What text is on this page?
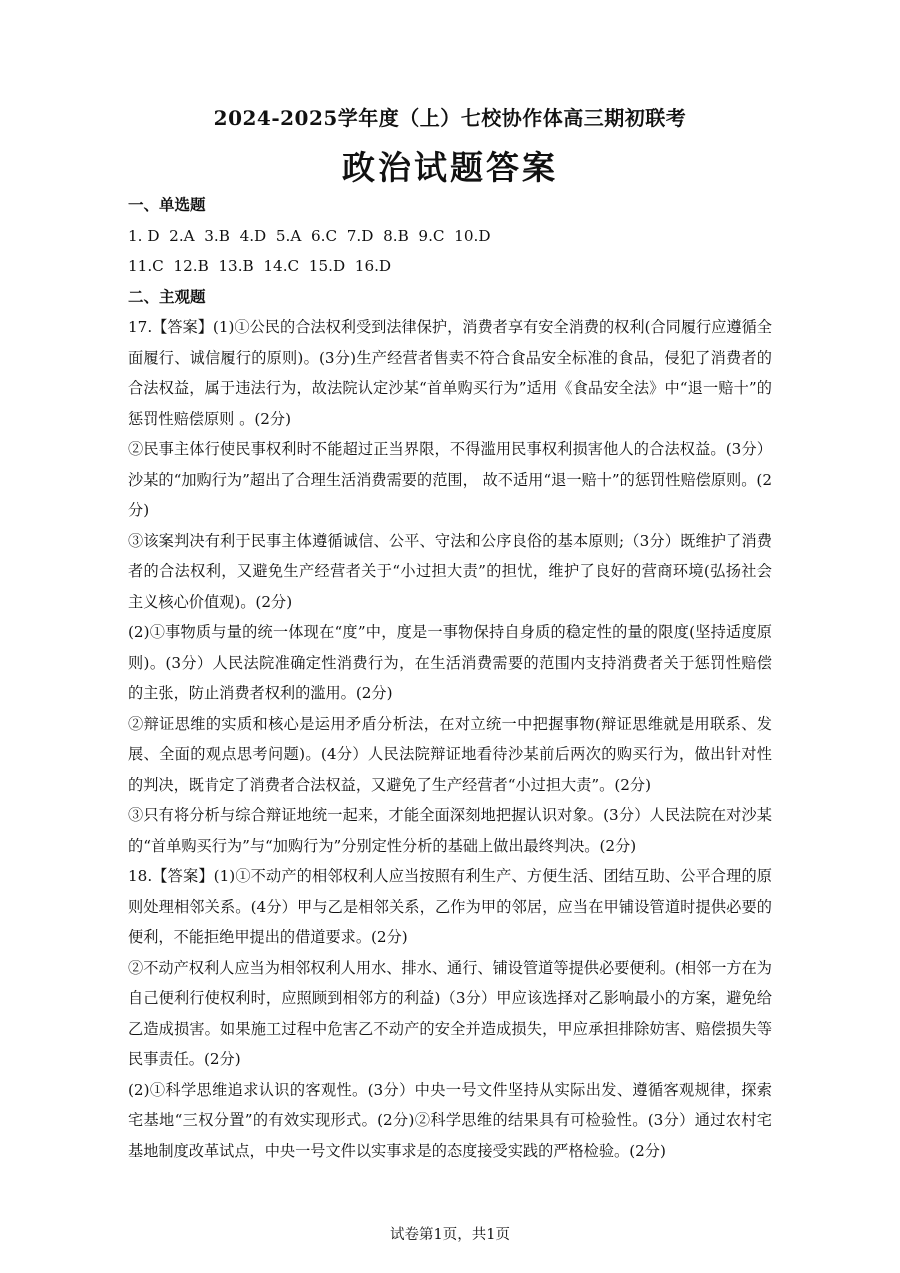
2024-2025学年度（上）七校协作体高三期初联考
政治试题答案
一、单选题
1. D  2.A  3.B  4.D  5.A  6.C  7.D  8.B  9.C  10.D
11.C  12.B  13.B  14.C  15.D  16.D
二、主观题
17.【答案】(1)①公民的合法权利受到法律保护，消费者享有安全消费的权利(合同履行应遵循全面履行、诚信履行的原则)。(3分)生产经营者售卖不符合食品安全标准的食品，侵犯了消费者的合法权益，属于违法行为，故法院认定沙某“首单购买行为”适用《食品安全法》中“退一赔十”的惩罚性赔偿原则 。(2分)
②民事主体行使民事权利时不能超过正当界限，不得滥用民事权利损害他人的合法权益。(3分）沙某的“加购行为”超出了合理生活消费需要的范围， 故不适用“退一赔十”的惩罚性赔偿原则。(2分)
③该案判决有利于民事主体遵循诚信、公平、守法和公序良俗的基本原则;（3分）既维护了消费者的合法权利，又避免生产经营者关于“小过担大责”的担忧，维护了良好的营商环境(弘扬社会主义核心价值观)。(2分)
(2)①事物质与量的统一体现在“度”中，度是一事物保持自身质的稳定性的量的限度(坚持适度原则)。(3分）人民法院准确定性消费行为，在生活消费需要的范围内支持消费者关于惩罚性赔偿的主张，防止消费者权利的滥用。(2分)
②辩证思维的实质和核心是运用矛盾分析法，在对立统一中把握事物(辩证思维就是用联系、发展、全面的观点思考问题)。(4分）人民法院辩证地看待沙某前后两次的购买行为，做出针对性的判决，既肯定了消费者合法权益，又避免了生产经营者“小过担大责”。(2分)
③只有将分析与综合辩证地统一起来，才能全面深刻地把握认识对象。(3分）人民法院在对沙某的“首单购买行为”与“加购行为”分别定性分析的基础上做出最终判决。(2分)
18.【答案】(1)①不动产的相邻权利人应当按照有利生产、方便生活、团结互助、公平合理的原则处理相邻关系。(4分）甲与乙是相邻关系，乙作为甲的邻居，应当在甲铺设管道时提供必要的便利，不能拒绝甲提出的借道要求。(2分)
②不动产权利人应当为相邻权利人用水、排水、通行、铺设管道等提供必要便利。(相邻一方在为自己便利行使权利时，应照顾到相邻方的利益)（3分）甲应该选择对乙影响最小的方案，避免给乙造成损害。如果施工过程中危害乙不动产的安全并造成损失，甲应承担排除妨害、赔偿损失等民事责任。(2分)
(2)①科学思维追求认识的客观性。(3分）中央一号文件坚持从实际出发、遵循客观规律，探索宅基地“三权分置”的有效实现形式。(2分)②科学思维的结果具有可检验性。(3分）通过农村宅基地制度改革试点，中央一号文件以实事求是的态度接受实践的严格检验。(2分)
试卷第1页，共1页
